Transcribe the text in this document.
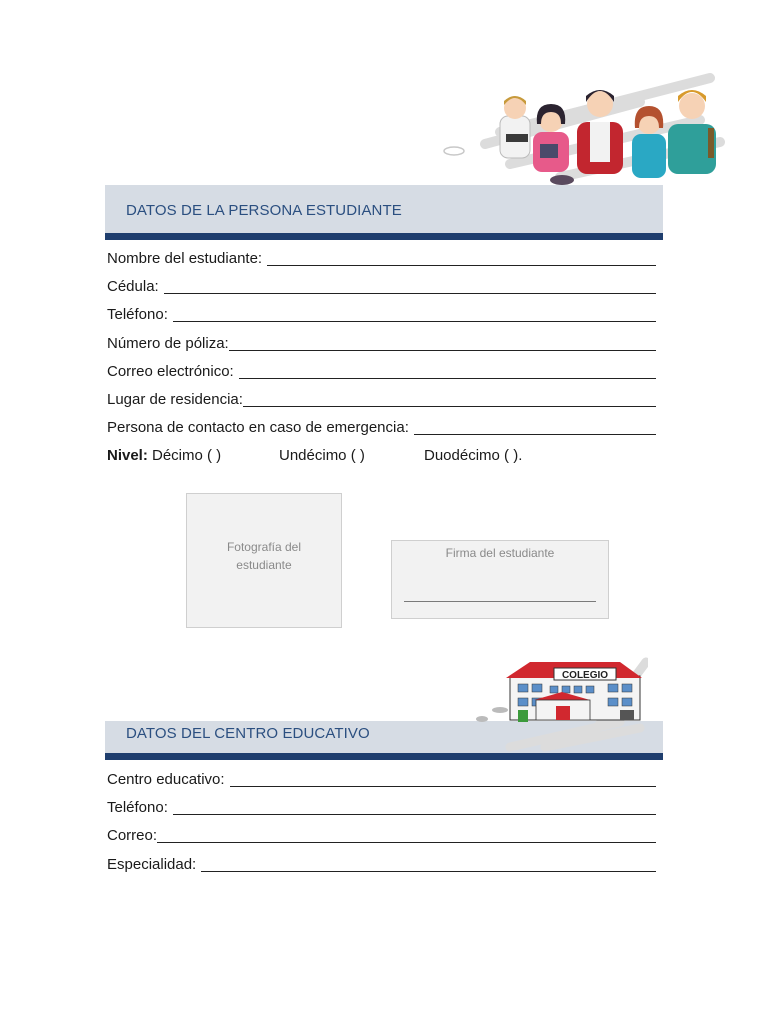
DATOS DE LA PERSONA ESTUDIANTE
Nombre del estudiante:
Cédula:
Teléfono:
Número de póliza:
Correo electrónico:
Lugar de residencia:
Persona de contacto en caso de emergencia:
Nivel: Décimo ( )	Undécimo ( )	Duodécimo ( ).
Fotografía del estudiante
Firma del estudiante
DATOS DEL CENTRO EDUCATIVO
COLEGIO
Centro educativo:
Teléfono:
Correo:
Especialidad:
